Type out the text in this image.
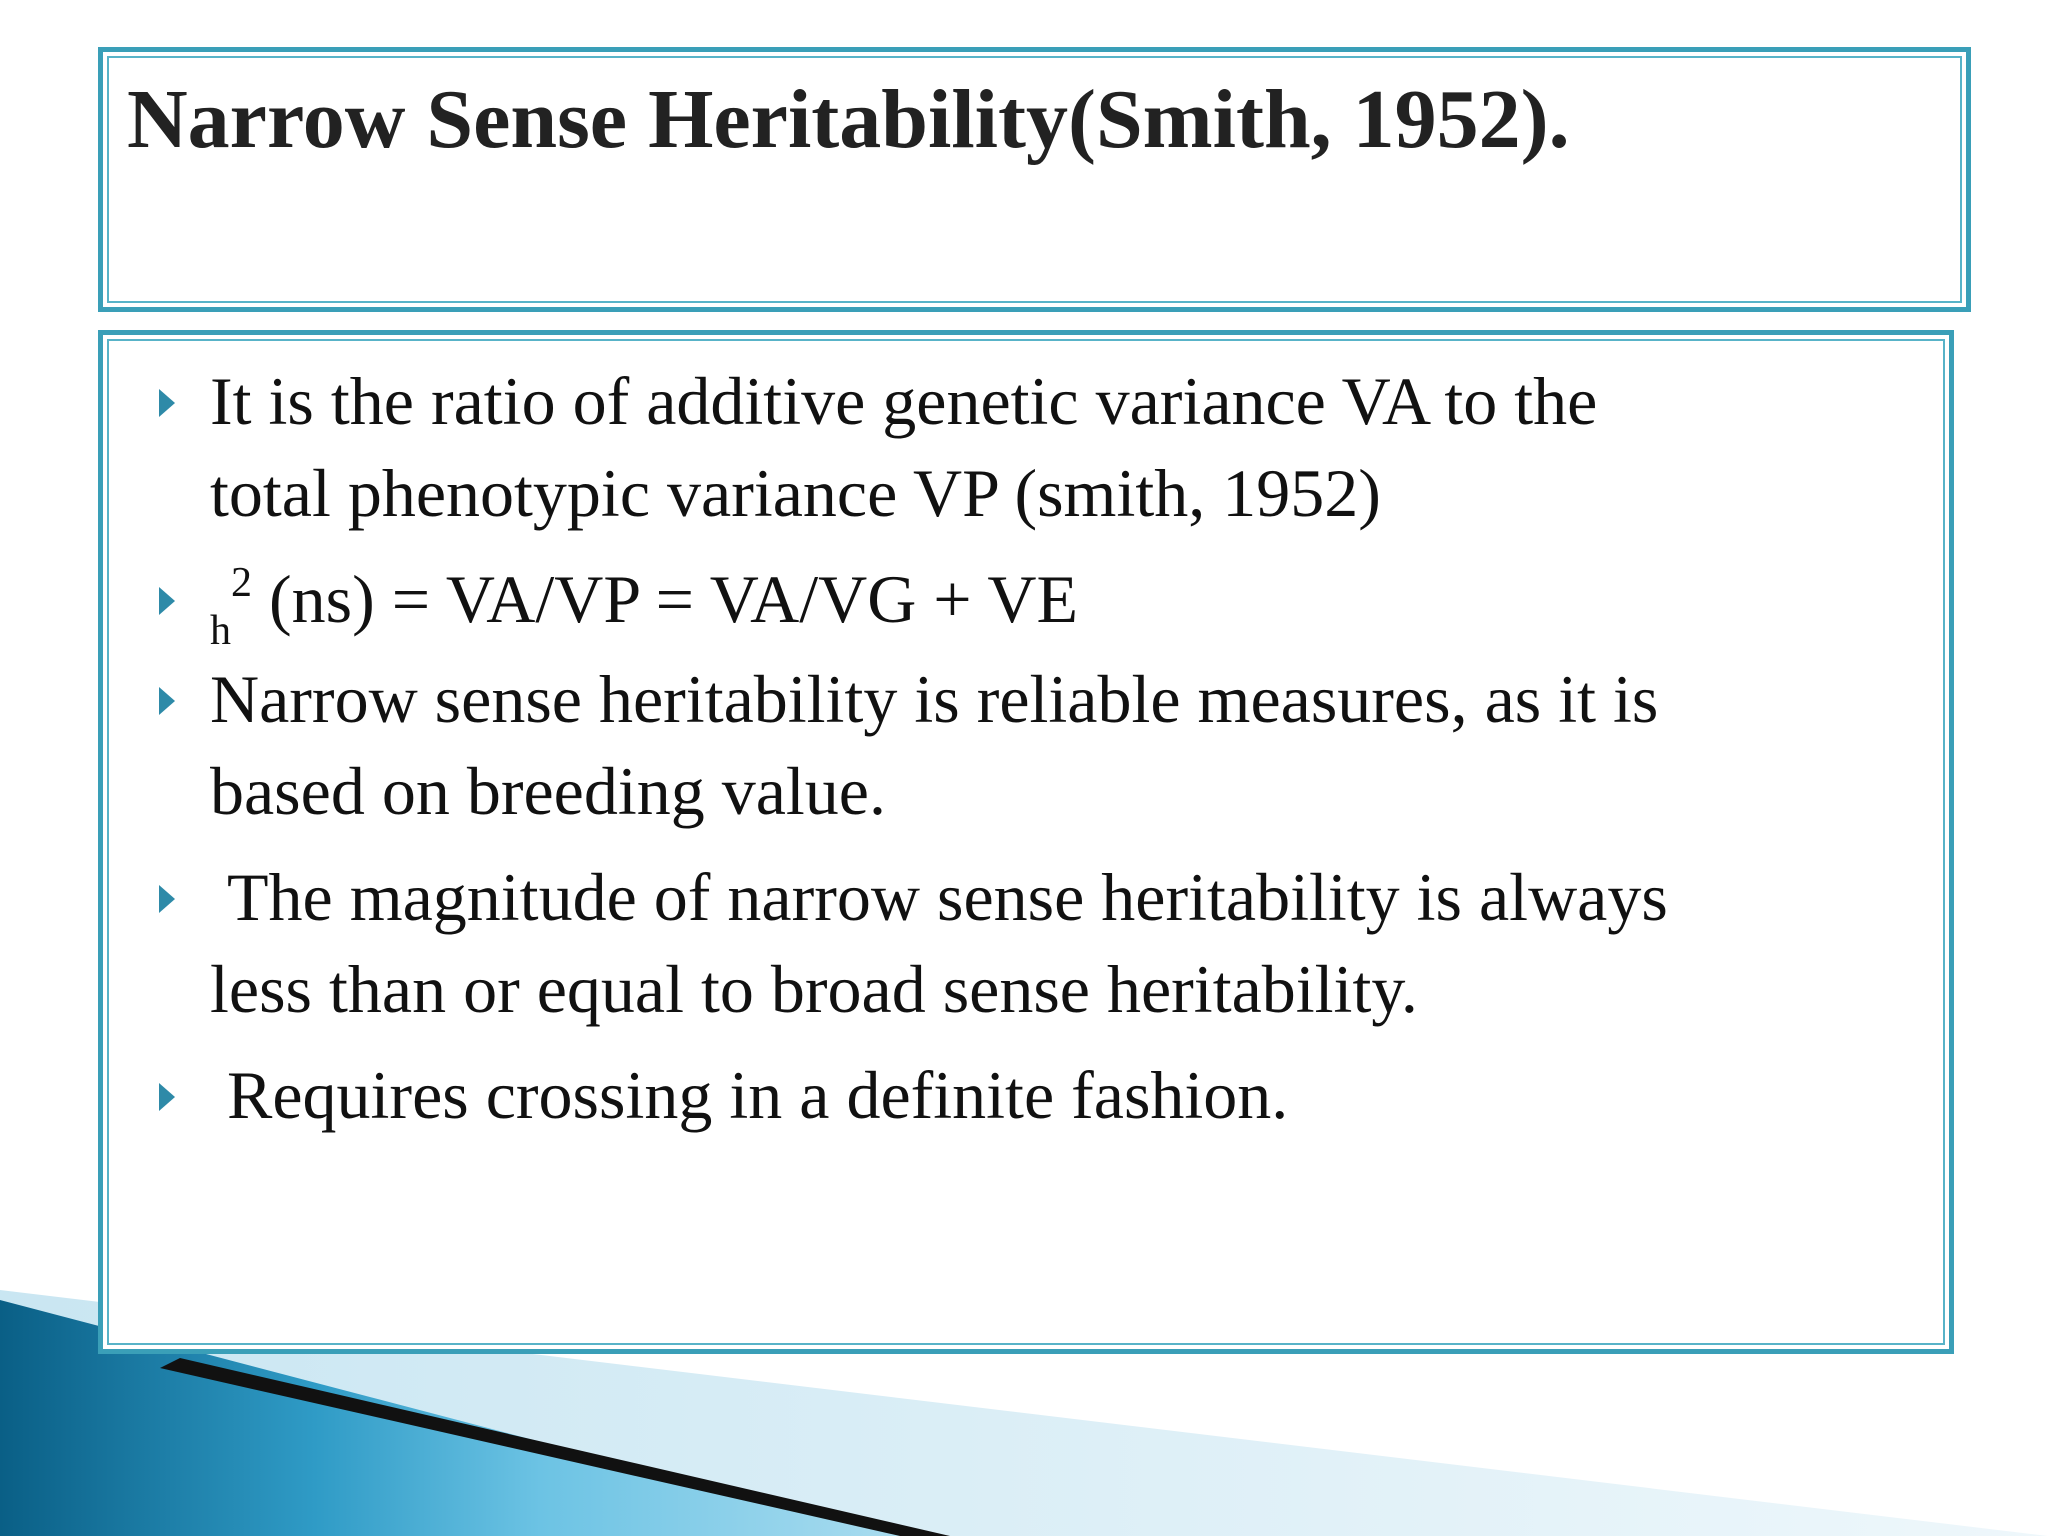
Narrow Sense Heritability(Smith, 1952).

It is the ratio of additive genetic variance VA to the
total phenotypic variance VP (smith, 1952)

$_h^2$ (ns) = VA/VP = VA/VG + VE

Narrow sense heritability is reliable measures, as it is
based on breeding value.

The magnitude of narrow sense heritability is always
less than or equal to broad sense heritability.

Requires crossing in a definite fashion.
